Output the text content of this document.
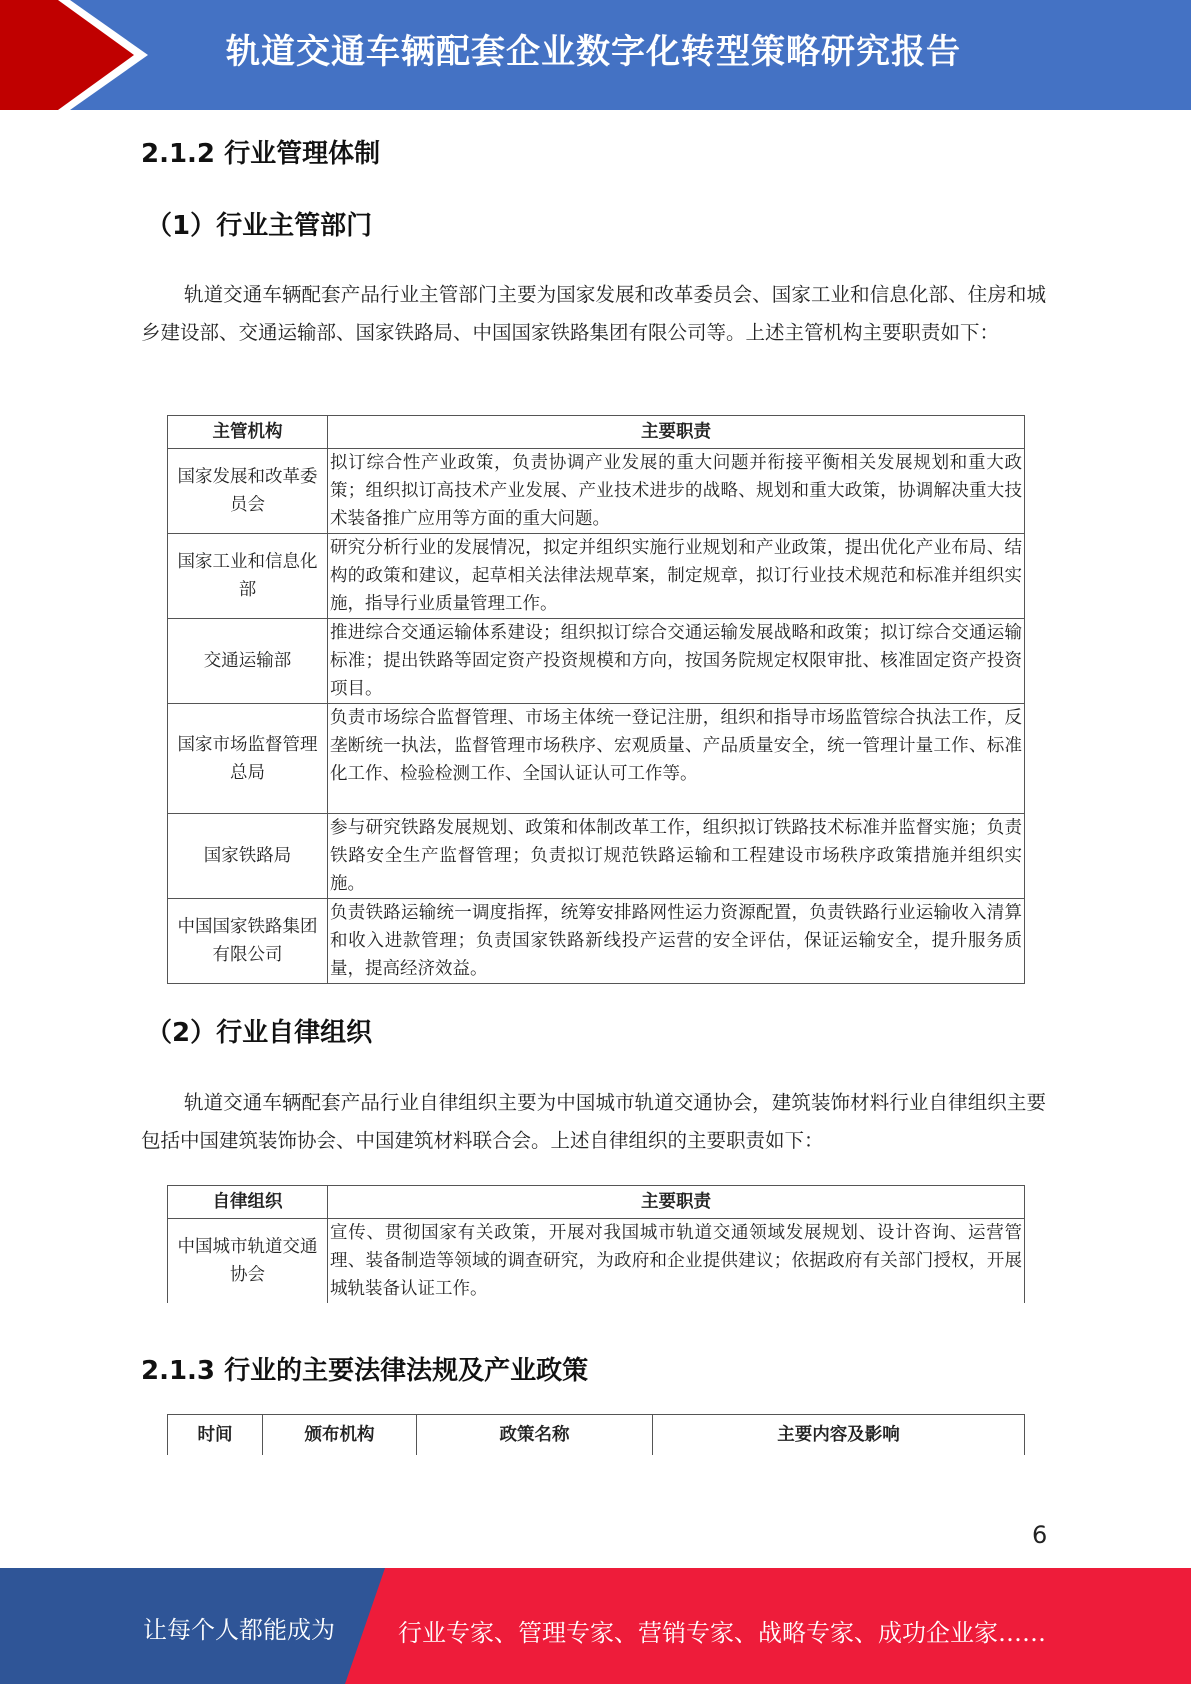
轨道交通车辆配套企业数字化转型策略研究报告
2.1.2 行业管理体制
（1）行业主管部门
轨道交通车辆配套产品行业主管部门主要为国家发展和改革委员会、国家工业和信息化部、住房和城乡建设部、交通运输部、国家铁路局、中国国家铁路集团有限公司等。上述主管机构主要职责如下：
主管机构	主要职责
国家发展和改革委员会	拟订综合性产业政策，负责协调产业发展的重大问题并衔接平衡相关发展规划和重大政策；组织拟订高技术产业发展、产业技术进步的战略、规划和重大政策，协调解决重大技术装备推广应用等方面的重大问题。
国家工业和信息化部	研究分析行业的发展情况，拟定并组织实施行业规划和产业政策，提出优化产业布局、结构的政策和建议，起草相关法律法规草案，制定规章，拟订行业技术规范和标准并组织实施，指导行业质量管理工作。
交通运输部	推进综合交通运输体系建设；组织拟订综合交通运输发展战略和政策；拟订综合交通运输标准；提出铁路等固定资产投资规模和方向，按国务院规定权限审批、核准固定资产投资项目。
国家市场监督管理总局	负责市场综合监督管理、市场主体统一登记注册，组织和指导市场监管综合执法工作，反垄断统一执法，监督管理市场秩序、宏观质量、产品质量安全，统一管理计量工作、标准化工作、检验检测工作、全国认证认可工作等。
国家铁路局	参与研究铁路发展规划、政策和体制改革工作，组织拟订铁路技术标准并监督实施；负责铁路安全生产监督管理；负责拟订规范铁路运输和工程建设市场秩序政策措施并组织实施。
中国国家铁路集团有限公司	负责铁路运输统一调度指挥，统筹安排路网性运力资源配置，负责铁路行业运输收入清算和收入进款管理；负责国家铁路新线投产运营的安全评估，保证运输安全，提升服务质量，提高经济效益。
（2）行业自律组织
轨道交通车辆配套产品行业自律组织主要为中国城市轨道交通协会，建筑装饰材料行业自律组织主要包括中国建筑装饰协会、中国建筑材料联合会。上述自律组织的主要职责如下：
自律组织	主要职责
中国城市轨道交通协会	宣传、贯彻国家有关政策，开展对我国城市轨道交通领域发展规划、设计咨询、运营管理、装备制造等领域的调查研究，为政府和企业提供建议；依据政府有关部门授权，开展城轨装备认证工作。
2.1.3 行业的主要法律法规及产业政策
时间	颁布机构	政策名称	主要内容及影响
6
让每个人都能成为	行业专家、管理专家、营销专家、战略专家、成功企业家……
